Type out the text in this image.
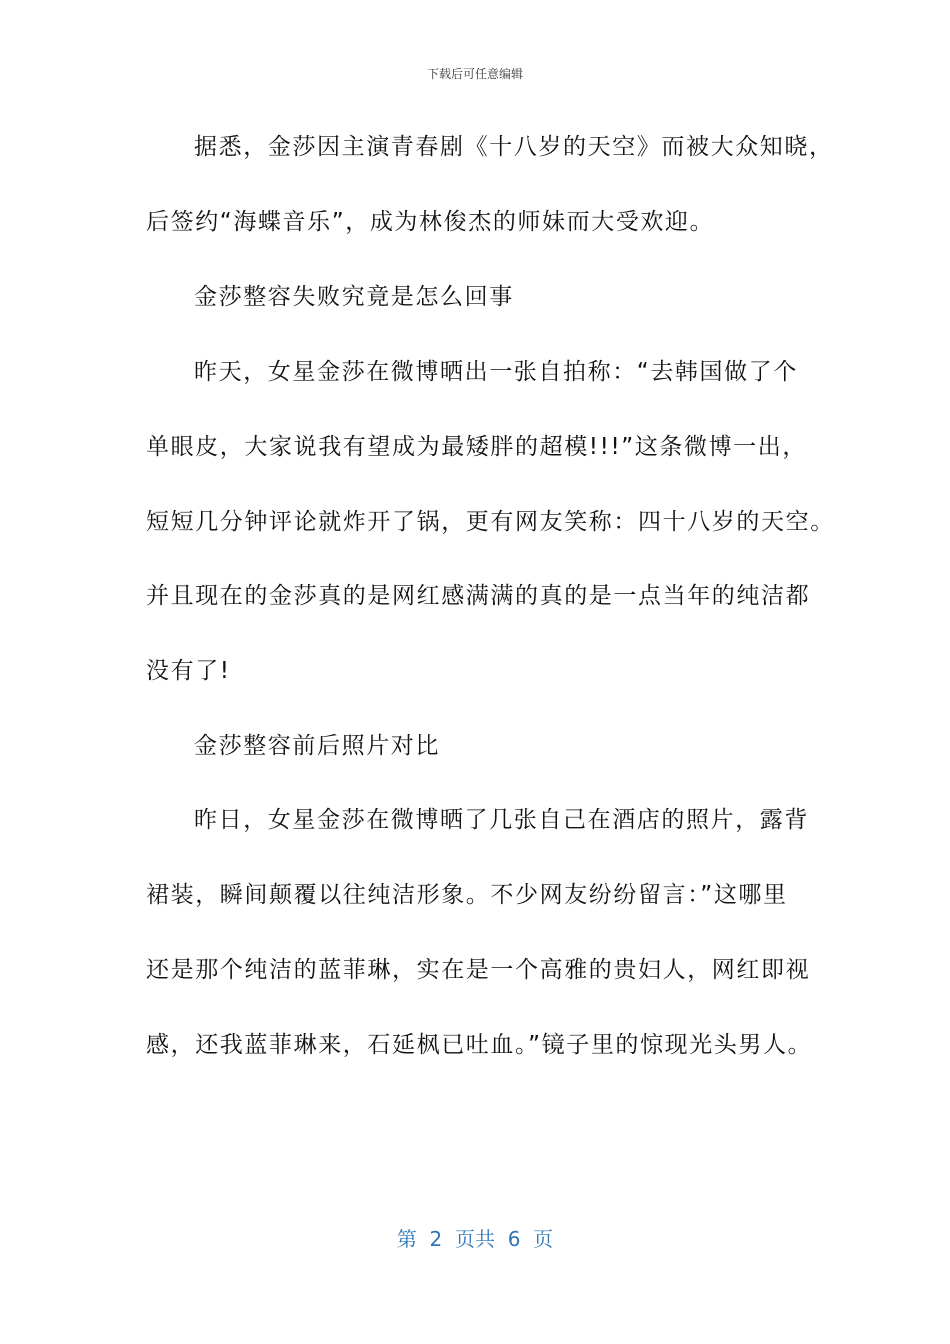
下载后可任意编辑
据悉，金莎因主演青春剧《十八岁的天空》而被大众知晓，
后签约“海蝶音乐”，成为林俊杰的师妹而大受欢迎。
金莎整容失败究竟是怎么回事
昨天，女星金莎在微博晒出一张自拍称：“去韩国做了个
单眼皮，大家说我有望成为最矮胖的超模!!!”这条微博一出，
短短几分钟评论就炸开了锅，更有网友笑称：四十八岁的天空。
并且现在的金莎真的是网红感满满的真的是一点当年的纯洁都
没有了!
金莎整容前后照片对比
昨日，女星金莎在微博晒了几张自己在酒店的照片，露背
裙装，瞬间颠覆以往纯洁形象。不少网友纷纷留言：”这哪里
还是那个纯洁的蓝菲琳，实在是一个高雅的贵妇人，网红即视
感，还我蓝菲琳来，石延枫已吐血。”镜子里的惊现光头男人。
第  2  页共  6  页
